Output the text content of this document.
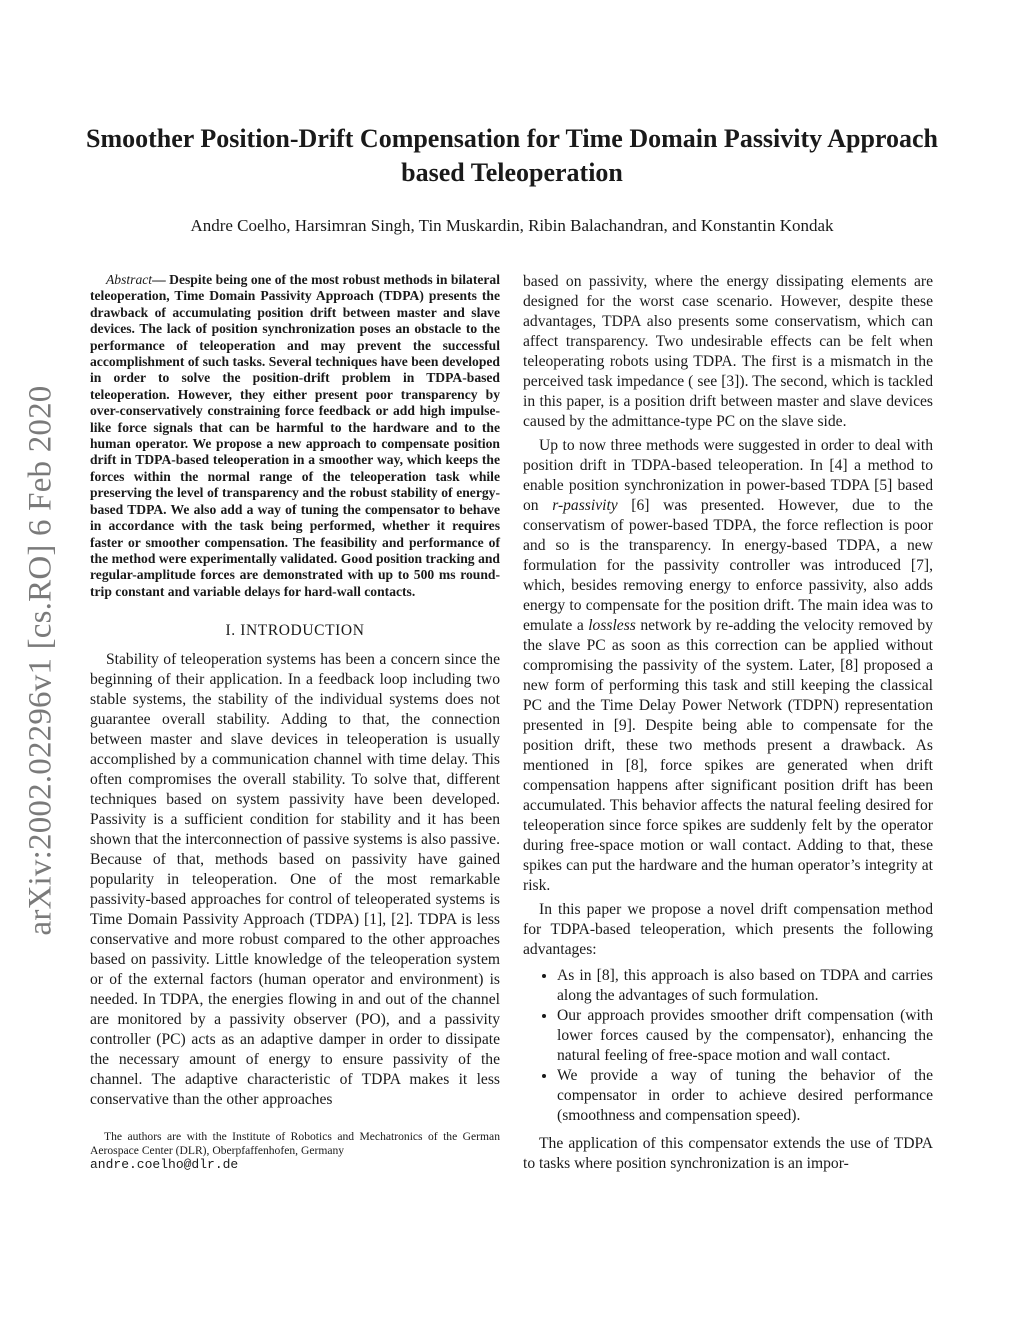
arXiv:2002.02296v1 [cs.RO] 6 Feb 2020
Smoother Position-Drift Compensation for Time Domain Passivity Approach based Teleoperation
Andre Coelho, Harsimran Singh, Tin Muskardin, Ribin Balachandran, and Konstantin Kondak

Abstract— Despite being one of the most robust methods in bilateral teleoperation, Time Domain Passivity Approach (TDPA) presents the drawback of accumulating position drift between master and slave devices. The lack of position synchronization poses an obstacle to the performance of teleoperation and may prevent the successful accomplishment of such tasks. Several techniques have been developed in order to solve the position-drift problem in TDPA-based teleoperation. However, they either present poor transparency by over-conservatively constraining force feedback or add high impulse-like force signals that can be harmful to the hardware and to the human operator. We propose a new approach to compensate position drift in TDPA-based teleoperation in a smoother way, which keeps the forces within the normal range of the teleoperation task while preserving the level of transparency and the robust stability of energy-based TDPA. We also add a way of tuning the compensator to behave in accordance with the task being performed, whether it requires faster or smoother compensation. The feasibility and performance of the method were experimentally validated. Good position tracking and regular-amplitude forces are demonstrated with up to 500 ms round-trip constant and variable delays for hard-wall contacts.

I. INTRODUCTION

Stability of teleoperation systems has been a concern since the beginning of their application. In a feedback loop including two stable systems, the stability of the individual systems does not guarantee overall stability. Adding to that, the connection between master and slave devices in teleoperation is usually accomplished by a communication channel with time delay. This often compromises the overall stability. To solve that, different techniques based on system passivity have been developed. Passivity is a sufficient condition for stability and it has been shown that the interconnection of passive systems is also passive. Because of that, methods based on passivity have gained popularity in teleoperation. One of the most remarkable passivity-based approaches for control of teleoperated systems is Time Domain Passivity Approach (TDPA) [1], [2]. TDPA is less conservative and more robust compared to the other approaches based on passivity. Little knowledge of the teleoperation system or of the external factors (human operator and environment) is needed. In TDPA, the energies flowing in and out of the channel are monitored by a passivity observer (PO), and a passivity controller (PC) acts as an adaptive damper in order to dissipate the necessary amount of energy to ensure passivity of the channel. The adaptive characteristic of TDPA makes it less conservative than the other approaches

The authors are with the Institute of Robotics and Mechatronics of the German Aerospace Center (DLR), Oberpfaffenhofen, Germany
andre.coelho@dlr.de

based on passivity, where the energy dissipating elements are designed for the worst case scenario. However, despite these advantages, TDPA also presents some conservatism, which can affect transparency. Two undesirable effects can be felt when teleoperating robots using TDPA. The first is a mismatch in the perceived task impedance ( see [3]). The second, which is tackled in this paper, is a position drift between master and slave devices caused by the admittance-type PC on the slave side.

Up to now three methods were suggested in order to deal with position drift in TDPA-based teleoperation. In [4] a method to enable position synchronization in power-based TDPA [5] based on r-passivity [6] was presented. However, due to the conservatism of power-based TDPA, the force reflection is poor and so is the transparency. In energy-based TDPA, a new formulation for the passivity controller was introduced [7], which, besides removing energy to enforce passivity, also adds energy to compensate for the position drift. The main idea was to emulate a lossless network by re-adding the velocity removed by the slave PC as soon as this correction can be applied without compromising the passivity of the system. Later, [8] proposed a new form of performing this task and still keeping the classical PC and the Time Delay Power Network (TDPN) representation presented in [9]. Despite being able to compensate for the position drift, these two methods present a drawback. As mentioned in [8], force spikes are generated when drift compensation happens after significant position drift has been accumulated. This behavior affects the natural feeling desired for teleoperation since force spikes are suddenly felt by the operator during free-space motion or wall contact. Adding to that, these spikes can put the hardware and the human operator’s integrity at risk.

In this paper we propose a novel drift compensation method for TDPA-based teleoperation, which presents the following advantages:

• As in [8], this approach is also based on TDPA and carries along the advantages of such formulation.
• Our approach provides smoother drift compensation (with lower forces caused by the compensator), enhancing the natural feeling of free-space motion and wall contact.
• We provide a way of tuning the behavior of the compensator in order to achieve desired performance (smoothness and compensation speed).

The application of this compensator extends the use of TDPA to tasks where position synchronization is an impor-
